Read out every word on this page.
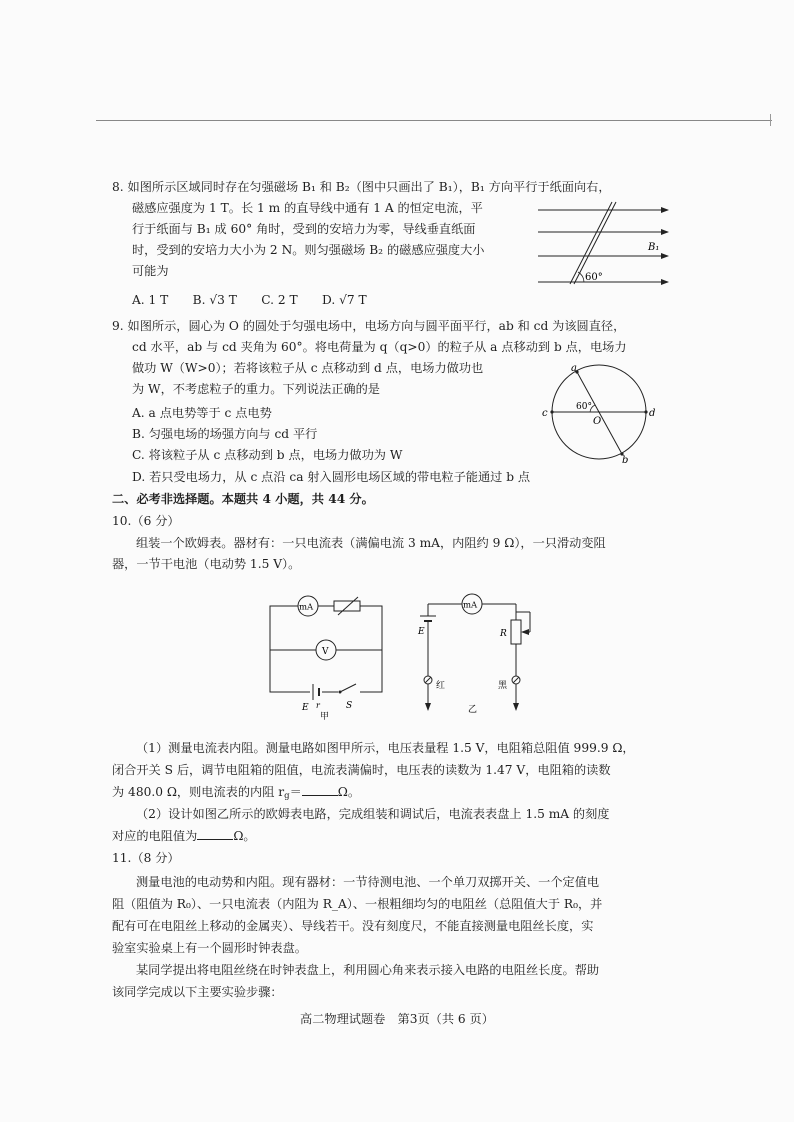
8. 如图所示区域同时存在匀强磁场 B₁ 和 B₂（图中只画出了 B₁），B₁ 方向平行于纸面向右，
磁感应强度为 1 T。长 1 m 的直导线中通有 1 A 的恒定电流，平
行于纸面与 B₁ 成 60° 角时，受到的安培力为零，导线垂直纸面
时，受到的安培力大小为 2 N。则匀强磁场 B₂ 的磁感应强度大小
可能为
A. 1 T　　B. √3 T　　C. 2 T　　D. √7 T
60°
B₁
9. 如图所示，圆心为 O 的圆处于匀强电场中，电场方向与圆平面平行，ab 和 cd 为该圆直径，
cd 水平，ab 与 cd 夹角为 60°。将电荷量为 q（q>0）的粒子从 a 点移动到 b 点，电场力
做功 W（W>0）；若将该粒子从 c 点移动到 d 点，电场力做功也
为 W，不考虑粒子的重力。下列说法正确的是
A. a 点电势等于 c 点电势
B. 匀强电场的场强方向与 cd 平行
C. 将该粒子从 c 点移动到 b 点，电场力做功为 W
D. 若只受电场力，从 c 点沿 ca 射入圆形电场区域的带电粒子能通过 b 点
a
b
c	d
O
60°
二、必考非选择题。本题共 4 小题，共 44 分。
10.（6 分）
组装一个欧姆表。器材有：一只电流表（满偏电流 3 mA，内阻约 9 Ω），一只滑动变阻
器，一节干电池（电动势 1.5 V）。
mA
V
E r	S
甲
mA
E	R
红	黑
乙
（1）测量电流表内阻。测量电路如图甲所示，电压表量程 1.5 V，电阻箱总阻值 999.9 Ω，
闭合开关 S 后，调节电阻箱的阻值，电流表满偏时，电压表的读数为 1.47 V，电阻箱的读数
为 480.0 Ω，则电流表的内阻 $r_g=$	Ω。
（2）设计如图乙所示的欧姆表电路，完成组装和调试后，电流表表盘上 1.5 mA 的刻度
对应的电阻值为	Ω。
11.（8 分）
测量电池的电动势和内阻。现有器材：一节待测电池、一个单刀双掷开关、一个定值电
阻（阻值为 R₀）、一只电流表（内阻为 R_A）、一根粗细均匀的电阻丝（总阻值大于 R₀，并
配有可在电阻丝上移动的金属夹）、导线若干。没有刻度尺，不能直接测量电阻丝长度，实
验室实验桌上有一个圆形时钟表盘。
某同学提出将电阻丝绕在时钟表盘上，利用圆心角来表示接入电路的电阻丝长度。帮助
该同学完成以下主要实验步骤：
高二物理试题卷　第3页（共 6 页）
